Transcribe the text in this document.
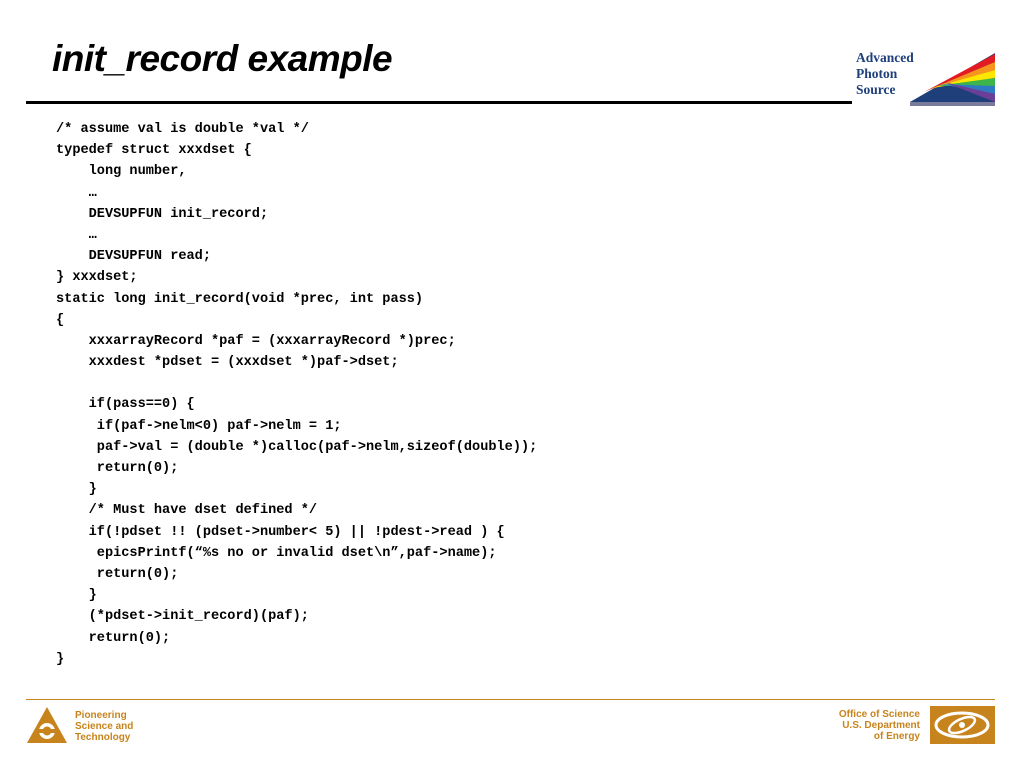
init_record example	Advanced
Photon
Source
/* assume val is double *val */
typedef struct xxxdset {
long number,
…
DEVSUPFUN init_record;
…
DEVSUPFUN read;
} xxxdset;
static long init_record(void *prec, int pass)
{
xxxarrayRecord *paf = (xxxarrayRecord *)prec;
xxxdest *pdset = (xxxdset *)paf->dset;
if(pass==0) {
if(paf->nelm<0) paf->nelm = 1;
paf->val = (double *)calloc(paf->nelm,sizeof(double));
return(0);
}
/* Must have dset defined */
if(!pdset !! (pdset->number< 5) || !pdest->read ) {
epicsPrintf(“%s no or invalid dset\n”,paf->name);
return(0);
}
(*pdset->init_record)(paf);
return(0);
}
Pioneering
Science and
Technology
Office of Science
U.S. Department
of Energy
